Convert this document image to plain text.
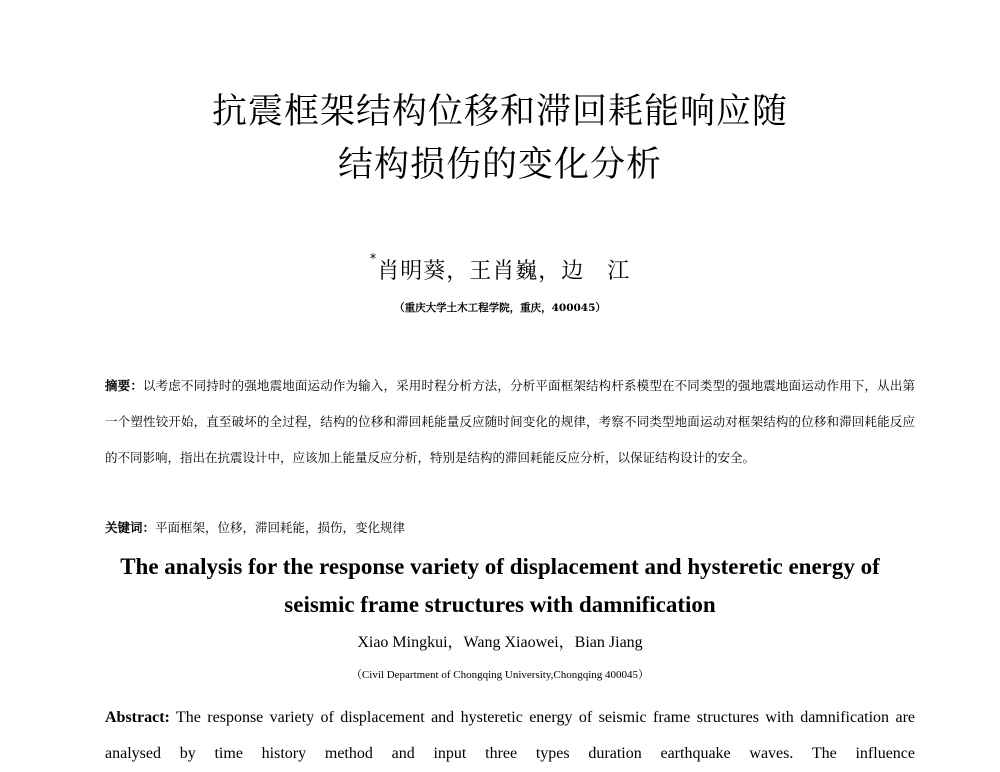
抗震框架结构位移和滞回耗能响应随
结构损伤的变化分析
*肖明葵，王肖巍，边　江
（重庆大学土木工程学院，重庆，400045）
摘要：以考虑不同持时的强地震地面运动作为输入，采用时程分析方法，分析平面框架结构杆系模型在不同类型的强地震地面运动作用下，从出第一个塑性铰开始，直至破坏的全过程，结构的位移和滞回耗能量反应随时间变化的规律，考察不同类型地面运动对框架结构的位移和滞回耗能反应的不同影响，指出在抗震设计中，应该加上能量反应分析，特别是结构的滞回耗能反应分析，以保证结构设计的安全。
关键词：平面框架，位移，滞回耗能，损伤，变化规律
The analysis for the response variety of displacement and hysteretic energy of seismic frame structures with damnification
Xiao Mingkui，Wang Xiaowei，Bian Jiang
（Civil Department of Chongqing University,Chongqing 400045）
Abstract: The response variety of displacement and hysteretic energy of seismic frame structures with damnification are analysed by time history method and input three types duration earthquake waves. The influence
